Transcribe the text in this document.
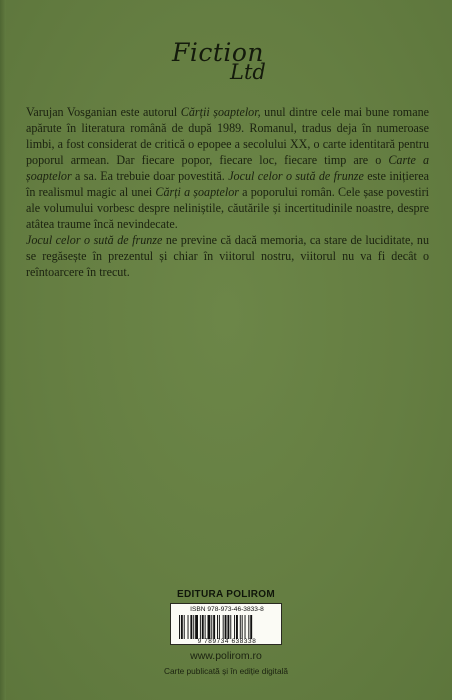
Fiction
Ltd

Varujan Vosganian este autorul Cărții șoaptelor, unul dintre cele mai bune romane apărute în literatura română de după 1989. Romanul, tradus deja în numeroase limbi, a fost considerat de critică o epopee a secolului XX, o carte identitară pentru poporul armean. Dar fiecare popor, fiecare loc, fiecare timp are o Carte a șoaptelor a sa. Ea trebuie doar povestită. Jocul celor o sută de frunze este inițierea în realismul magic al unei Cărți a șoaptelor a poporului român. Cele șase povestiri ale volumului vorbesc despre neliniștile, căutările și incertitudinile noastre, despre atâtea traume încă nevindecate.

Jocul celor o sută de frunze ne previne că dacă memoria, ca stare de luciditate, nu se regăsește în prezentul și chiar în viitorul nostru, viitorul nu va fi decât o reîntoarcere în trecut.

EDITURA POLIROM
ISBN 978-973-46-3833-8
9 789734 638338
www.polirom.ro
Carte publicată și în ediție digitală
